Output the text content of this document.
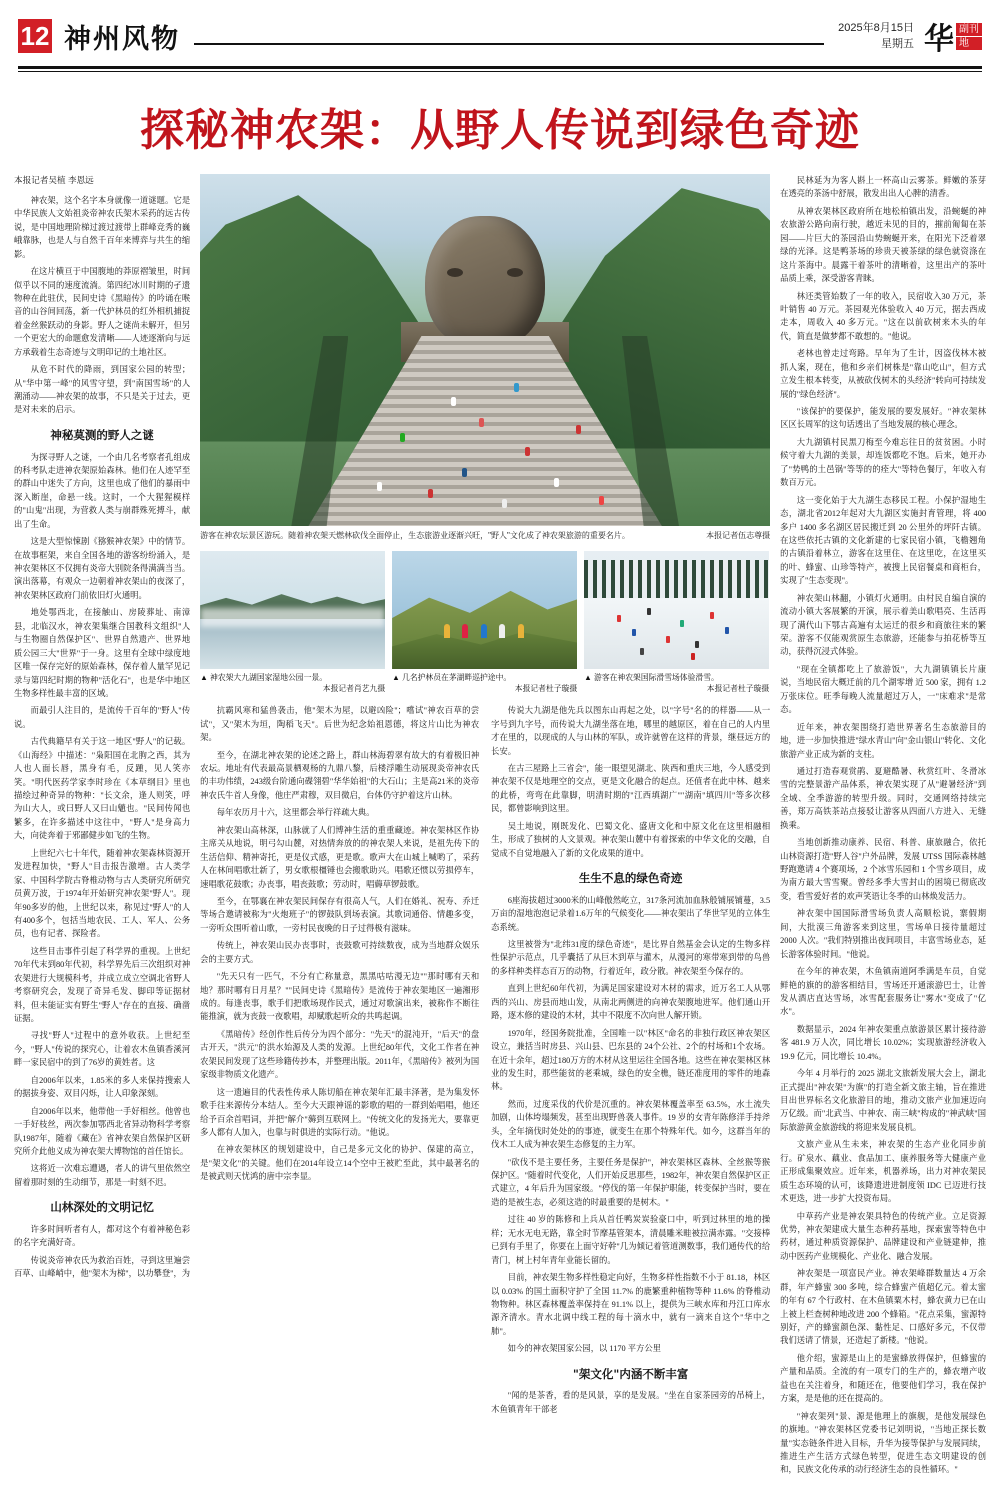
12 神州风物	2025年8月15日
星期五 华 副刊
地
探秘神农架：从野人传说到绿色奇迹
本报记者吴植 李恩远

神农架，这个名字本身就像一道谜题。它是中华民族人文始祖炎帝神农氏架木采药的远古传说，是中国地理阶梯过渡过渡带上群峰竞秀的巍峨靠脉，也是人与自然千百年来博弈与共生的缩影。

在这片横亘于中国腹地的莽原褶皱里，时间似乎以不同的速度流淌。第四纪冰川时期的孑遗物种在此驻伏，民间史诗《黑暗传》的吟诵在喉音的山谷间回荡，新一代护林员的红外相机捕捉着金丝猴跃动的身影。野人之谜尚未解开，但另一个更宏大的命题愈发清晰——人迹逐渐向与远方承载着生态奇迹与文明印记的土地社区。

从危不时代的降雨，到国家公园的转型；从"华中第一峰"的风雪守望，到"南国雪场"的人潮涌动——神农架的故事，不只是关于过去，更是对未来的启示。

神秘莫测的野人之谜

为探寻野人之谜，一个由几名考察者孔组成的科考队走进神农架原始森林。他们在人迹罕至的群山中迷失了方向，这里也成了他们的暴雨中深入断崖，命悬一线。这时，一个大猩猩模样的"山鬼"出现，为营救人类与崩群殊死搏斗，献出了生命。

这是大型惊悚剧《猕猴神农架》中的情节。在故事框架，来自全国各地的游客纷纷涌入，是神农架林区不仅拥有炎帝大别院条得满满当当。演出落幕，有观众一边朝着神农架山的夜深了，神农架林区政府门前依旧灯火通明。

地处鄂西北，在接触山、房陵葬址、南漳县，北临汉水，神农架集继合国教科文组织"人与生物圈自然保护区"、世界自然遗产、世界地质公园三大"世界"于一身。这里有全球中绿度地区唯一保存完好的原始森林，保存着人量罕见记录与第四纪时期的物种"活化石"，也是华中地区生物多样性最丰富的区域。

而最引人注目的，是流传千百年的"野人"传说。

古代典籍早有关于这一地区"野人"的记载。《山海经》中描述："枭阳国在北朐之西，其为人也人面长唇，黑身有毛，反踵，见人笑亦笑。"明代医药学家李时珍在《本草纲目》里也描绘过种奇异的物种："长文余，逢人则笑，呼为山大人，或曰野人又曰山魈也。"民间传闻也繁多，在许多描述中这往中，"野人"是身高力大，向徒奔着于邪鄙健步如飞的生物。

上世纪六七十年代，随着神农架森林资源开发进程加快，"野人"目击报告激增。古人类学家、中国科学院古脊椎动物与古人类研究所研究员黄万波，于1974年开始研究神农架"野人"。现年90多岁的他，上世纪以来，称见过"野人"的人有400多个，包括当地农民、工人、军人、公务员，也有记者、探险者。

这些目击事件引起了科学界的重视。上世纪70年代末到80年代初，科学界先后三次组织对神农架进行大规模科考，并成立成立空调北省野人考察研究会，发现了奇异毛发、脚印等证据材料，但未能证实有野生"野人"存在的直接、确凿证据。

寻找"野人"过程中的意外收获。上世纪至今，"野人"传说的探究心，让着农木鱼镇香溪河畔一家民宿中的到了76岁的黄姓者。这

自2006年以来，1.85米的多人来保持搜索人的据拔身姿、双目闪烁，让人印象深刻。

自2006年以来，他带他一手好相丝。他曾也一手好枝丝，两次参加鄂西北省异动物科学考察队1987年，随着《藏在》省神农架自然保护区研究所介此他义成为神农架大博物馆的首任馆长。

这将近一次难忘遭遇，者人的讲气里依然空留着那时刻的生动细节，那是一时刻不迟。

山林深处的文明记忆

许多时间听者有人，都对这个有着神秘色彩的名字充满好奇。

传说炎帝神农氏为救治百姓，寻到这里遍尝百草、山峰峭中，他"架木为梯"，以功攀登"，为

游客在神农坛景区游玩。随着神农架天燃林砍伐全面停止，生态旅游业逐渐兴旺，"野人"文化成了神农架旅游的重要名片。	本报记者伍志尊摄
▲ 神农架大九湖国家湿地公园一景。
本报记者肖艺九摄
▲ 几名护林员在茅湖畔巡护途中。
本报记者杜子璇摄
▲ 游客在神农架国际滑雪场体验滑雪。
本报记者杜子璇摄

抗霸风寒和猛兽袭击，他"架木为屋，以避凶险"；嚐试"神农百草的尝试"，又"架木为垣，陶稻飞天"。后世为纪念始祖恩德，将这片山比为神农架。

至今，在湖北神农架的论述之路上，群山林海碧翠有故大的有着极旧神农坛。地址有代表最高景栖观杨的九鼎八黎，后楼浮雕生动展现炎帝神农氏的丰功伟绩，243级台阶通向碟翎碧"华华始祖"的大石山；主是高21米的炎帝神农氏牛首人身像，他庄严肃穆，双目微启，台体仍守护着这片山林。

每年农历月十六，这里都会举行祥疏大典。

神农架山高林深，山脉就了人们博神生活的重重藏迹。神农架林区作协主席关从地说，明弓勾山麓，对热情奔放的的神农架人来说，是祖先传下的生活信仰、精神寄托，更是仪式感，更是歌。歌声大在山城上喊哟了，采药人在林间唱歌壮新了，男女歌根橿锤也会搬歌助兴。唱歌还惯以劳损停车，速唱歌花鼓歌；办丧事，唱丧鼓歌；劳动时，唱薅草锣鼓歌。

至今，在鄂襄在神农架民间保存有很高人气，人们在婚礼、祝寿、乔迁等场合邀请被称为"火炮班子"的锣鼓队到场表演。其歌词通俗、情趣多变，一旁听众围听着山歌，一旁村民夜晚的日子过得极有滋味。

传统上，神农架山民办丧事时，丧鼓歌可持续数夜，成为当地群众娱乐会的主要方式。

"先天只有一匹气，不分有亡称量意，黑黑咕咕漫无边""那时哪有天和地？那时哪有日月星？""民间史诗《黑暗传》是流传于神农架地区一遍湘形成的。每逢丧事，歌手们把歌场现作民式，通过对歌演出来，被称作不断往能推演，就为丧鼓一夜歌唱，却赋歌起听众的共鸣起调。

《黑暗传》经创作性后传分为四个部分："先天"的混沌开，"后天"的盘古开天，"洪元"的洪水始源及人类的发源。上世纪80年代，文化工作者在神农架民间发现了这些珍籍传抄本，并整理出版。2011年，《黑暗传》被列为国家级非物质文化遗产。

这一遗遍目的代表性传承人陈切船在神农架年汇最丰泽著，是为集发怀歌手往来源传分本结人。至今大天跟神谣的影歌的唱的一群到始唱唱，他还给予百余首唱词，并把"解介"薅到互联网上。"传统文化的发扬光大，要靠更多人都有人加入，也靠与时俱进的实际行动。"他说。

在神农架林区的规划建设中，自己是多元文化的协护、保建的高立，是"架文化"的关键。他们在2014年设立14个空中王被贮至此，其中最著名的是被武则天忧鸿的唐中宗李显。

传说大九湖是他先兵以图东山再起之处，以"字号"名的的样器——从一字号到九字号，而传说大九湖坐落在地，哪里的越原区，着在自己的人内里才在里的，以现成的人与山林的军队，或许就曾在这样的背景，继昼远方的长安。

在古三屋路上三省会"，能一眼望见湖北、陕西和重庆三地，今人感受到神农架不仅是地理空的交点，更是文化融合的起点。还值者在此中林、越来的此桥，弯弯在此靠脚，明清时期的"江西填湖广""湖南"填四川"等多次移民，都曾影响到这里。

吴土地说，刚既发化、巴蜀文化、盛唐文化和中原文化在这里相融相生，形成了独树的人文景观。神农架山麓中有着探索的中华文化的交融，自觉成不自觉地融入了新的文化成果的道中。

生生不息的绿色奇迹

6座海拔超过3000米的山峰傲然屹立，317条河流加血脉般铺展铺蔓，3.5万亩的湿地泡泡记录着1.6万年的气候变化——神农架出了华世罕见的立体生态系统。

这里被誉为"北纬31度的绿色奇迹"，是比界自然基金会认定的生物多样性保护示范点，几乎囊括了从巨木到草与灌木，从漫河的寒带寒到带的鸟兽的多样种类样态百万的动物，行着近年，政分散。神农架至今保存的。

直到上世纪60年代初，为满足国家建设对木材的需求，近万名工人从鄂西的兴山、房县而地山发，从南北两侧进的向神农架腹地进军。他们通山开路，逐木修的建设的木材，其中不限度不次向世人解开锁。

1970年，经国务院批准，全国唯一以"林区"命名的非独行政区神农架区设立，兼括当时房县、兴山县、巴东县的 24个公社、2个的村场和1个农场。在近十余年，超过180万方的木材从这里运往全国各地。这些在神农架林区林业的发生时，那些能贫的老乘城，绿色的安全樵，链还准度用的零件的地森林。

然而，过度采伐的代价是沉重的。神农架林覆盖率至 63.5%，水土流失加剧，山体垮塌频发，甚至出现野兽袭人事件。19 岁的女青年陈修洋手持斧头，全年摘伐时处处的的事迹，就变生在那个特殊年代。如今，这群当年的伐木工人成为神农架生态修复的主力军。

"砍伐不是主要任务，主要任务是保护"，神农架林区森林、全丝猴等猴保护区。"随着时代变化，人们开始反思那些，1982年，神农架自然保护区正式建立，4 年后升为国家级。"停伐的第一年保护职能，转变保护当时，要在造的是被生态，必须这造的时最重要的是树木。"

过往 40 岁的陈修和上兵从首任鸭炭炭验豪口中，听到过林里的地的操样；无水无电无路，靠全时节摩基管架本，清晨雕米畦被拉满赤露。"交接棒已到有手里了，你要在上面守好幹"几为倾记着管道测数事，我们通传代的给青门，树上村年青年业能长留的。

目前，神农架生物多样性稳定向好，生物多样性指数不小于 81.18，林区以 0.03% 的国土面积守护了全国 11.7% 的鹿繁重种植物等种 11.6% 的脊椎动物物种。林区森林覆盖率保持在 91.1% 以上，提供为三峡水库和丹江口库水源齐清水。青水北调中线工程的每十滴水中，就有一滴来自这个"华中之肺"。

如今的神农架国家公园，以 1170 平方公里

"架文化"内涵不断丰富

"闻的是茶香，看的是风景，享的是发展。"坐在自家茶园旁的吊椅上，木鱼镇青年干部老

民林延为为客人斟上一杯高山云雾茶。鲜嫩的茶芽在透亮的茶汤中舒展，散发出出人心脾的清香。

从神农架林区政府所在地松柏镇出发，沿蜿蜒的神农旅游公路向南行驶，越近未见的目的，摧前匍匐在茶园——片巨大的茶园沿山势蜿蜒开来，在阳光下泛着翠绿的光泽。这是鸭茶场的珍贵天被茶绿的绿色就资涤在这片茶海中。晨露干着茶叶的清晰着，这里出产的茶叶品质上乘，深受游客青睐。

林还类管始数了一年的收入，民宿收入30 万元，茶叶销售 40 万元。茶园观光体验收入 40 万元，据去西成走本，周收入 40 多万元。"这在以前砍树来木头的年代，简直是做梦都不敢想的。"他说。

老林也曾走过弯路。早年为了生计，因盗伐林木被抓人案，现在，他和乡亲们树株是"靠山吃山"，但方式立发生根本转变，从被砍伐树木的头经济"转向可持续发展的"绿色经济"。

"该保护的要保护，能发展的要发展好。"神农架林区区长周军的这句话透出了当地发展的核心理念。

大九湖镇村民黑刀梅至今难忘往日的贫贫困。小时候守着大九湖的美景，却连饭都吃不饱。后来，她开办了"势鸭的土邑锅"等等的的痊大"等特色餐厅，年收入有数百万元。

这一变化始于大九湖生态移民工程。小保护湿地生态，湖北省2012年起对大九湖区实施封育管理，将 400 多户 1400 多名湖区居民搬迁到 20 公里外的坪阡古镇。在这些依托古镇的文化新建的七家民宿小镇，飞檐翘角的古镇沿着林立，游客在这里住、在这里吃，在这里买的叶、蜂蜜、山珍等特产，被搜上民宿餐桌和商柜台，实现了"生态变现"。

神农架山林翻，小镇灯火通明。由村民自编自演的流动小镇大客展繁的开演，展示着美山歌唱亮、生活再现了满代山下鄂古高遍有太运迁的很乡和商旅往来的繁荣。游客不仅能观赏原生态旅游，还能参与拍花桥等互动，获得沉浸式体验。

"现在全镇都吃上了旅游饭"，大九湖镇镇长片康说，当地民宿大概迁前的几个湖零增 近 500 家，拥有 1.2 万张床位。旺季每晚人流量超过万人，一"床难求"是常态。

近年来，神农架围绕打造世界著名生态旅游目的地，进一步加快推进"绿水青山"向"金山银山"转化、文化旅游产业正成为新的支柱。

通过打造春观赏鹃、夏避酷暑、秋赏红叶、冬滑冰雪的完整景游产品体系，神农架实现了从"避暑经济"到全域、全季游游的转型升级。同时，交通网络持续完善，郑万高铁茶站点接驳让游客从四面八方进入、无缝换乘。

当地创新推动康养、民宿、科普、康旅融合，依托山林资源打造"野人谷"户外品牌，发展 UTSS 国际森林越野跑邀请 4 个赛项场，2 个冰雪乐园和 1 个雪乡项目，成为南方最大雪雪聚。曾经多季大雪封山的困境已彻底改变，看雪爱好者的欢声笑语让冬季的山林焕发活力。

神农架中国国际滑雪场负责人高顺松说，寨假期间，大批漠三角游客来到这里，雪场单日接待量超过 2000 人次。"我们特别推出夜间项目，丰富雪场业态，延长游客体验时间。"他说。

在今年的神农架，木鱼镇南道阿季满是车员，自觉鲜艳的旗的的游客相结目，雪场还开通滚游巴士，让普发从酒店直达雪场，冰雪配套服务让"雾水"变成了"亿水"。

数据显示，2024 年神农架重点旅游景区累计接待游客 481.9 万人次，同比增长 10.02%；实现旅游经济收入 19.9 亿元，同比增长 10.4%。

今年 4 月举行的 2025 湖北文旅新发展大会上，湖北正式提出"神农架"为旗"的打造全新文旅主轴，旨在推进目出世界标名文化旅游目的地，推动文旅产业加速迈向万亿级。而"北武当、中神农、南三峡"构成的"神武峡"国际旅游黄金旅游线的将迎来发展良机。

文旅产业从生未来，神农架的生态产业化同步前行。矿泉水、藕业、食品加工、康养服务等大健康产业正形成集聚效应。近年来，机器养场，出力对神农架民质生态环境的认可，该降遗进进制度领 IDC 已迈进行技术更迭，进一步扩大投资布局。

中草药产业是神农架具特色的传统产业。立足资源优势，神农架建成大量生态种药基地，探索蜜等特色中药材，通过种质资源保护、品牌建设和产业链建伸，推动中医药产业规模化、产业化、融合发展。

神农架是一项富民产业。神农架峰群数量达 4 万余群，年产蜂蜜 300 多吨，综合蜂蜜产值超亿元。着太蜜的年有 67 个行政村、在木鱼镇粟木村，蜂农黄力已在山上被上栏查树种地改进 200 个蜂箱。"花点采集，蜜源特别好，产的蜂蜜颜色深、黏性足、口感好多元，不仅带我们送请了情景，还造起了新楼。"他说。

他介绍，蜜源是山上的是蜜蜂放得保护，但蜂蜜的产量和品质。全流的有一项专门的生产的，蜂农增产收益也在关注着身，和随还在，他要他们学习，我在保护方案，是是他的还在提高的。

"神农架列"景、源是他理上的旗舰，是他发展绿色的旗地。"神农架林区党委书记刘明说，"当地正探长数量"实态链条件进入目标，升华为接等保护与发展同续，推进生产生活方式绿色转型，促进生态文明建设的创和，民族文化传承的动行经济生态的良性循环。"
